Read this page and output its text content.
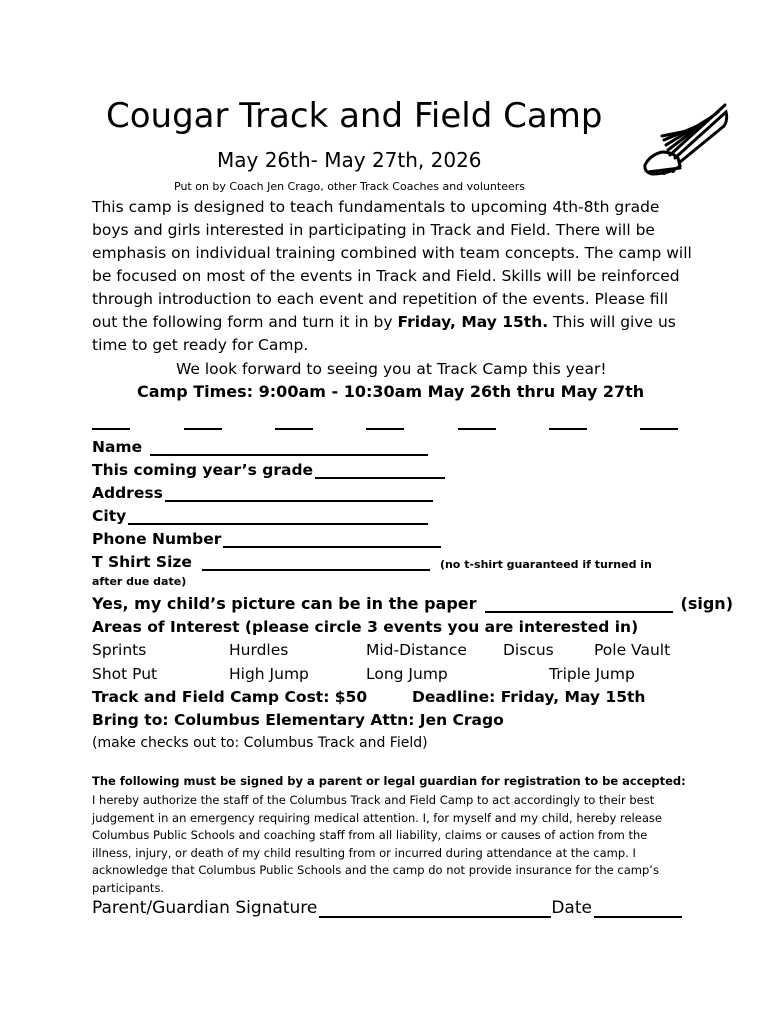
Cougar Track and Field Camp
May 26th- May 27th, 2026
Put on by Coach Jen Crago, other Track Coaches and volunteers
This camp is designed to teach fundamentals to upcoming 4th-8th grade
boys and girls interested in participating in Track and Field. There will be
emphasis on individual training combined with team concepts. The camp will
be focused on most of the events in Track and Field. Skills will be reinforced
through introduction to each event and repetition of the events. Please fill
out the following form and turn it in by Friday, May 15th. This will give us
time to get ready for Camp.
We look forward to seeing you at Track Camp this year!
Camp Times: 9:00am - 10:30am May 26th thru May 27th
Name
This coming year’s grade
Address
City
Phone Number
T Shirt Size	(no t-shirt guaranteed if turned in
after due date)
Yes, my child’s picture can be in the paper	(sign)
Areas of Interest (please circle 3 events you are interested in)
Sprints	Hurdles	Mid-Distance Discus	Pole Vault
Shot Put	High Jump	Long Jump	Triple Jump
Track and Field Camp Cost: $50	Deadline: Friday, May 15th
Bring to: Columbus Elementary Attn: Jen Crago
(make checks out to: Columbus Track and Field)
The following must be signed by a parent or legal guardian for registration to be accepted:
I hereby authorize the staff of the Columbus Track and Field Camp to act accordingly to their best
judgement in an emergency requiring medical attention. I, for myself and my child, hereby release
Columbus Public Schools and coaching staff from all liability, claims or causes of action from the
illness, injury, or death of my child resulting from or incurred during attendance at the camp. I
acknowledge that Columbus Public Schools and the camp do not provide insurance for the camp’s
participants.
Parent/Guardian Signature	Date
